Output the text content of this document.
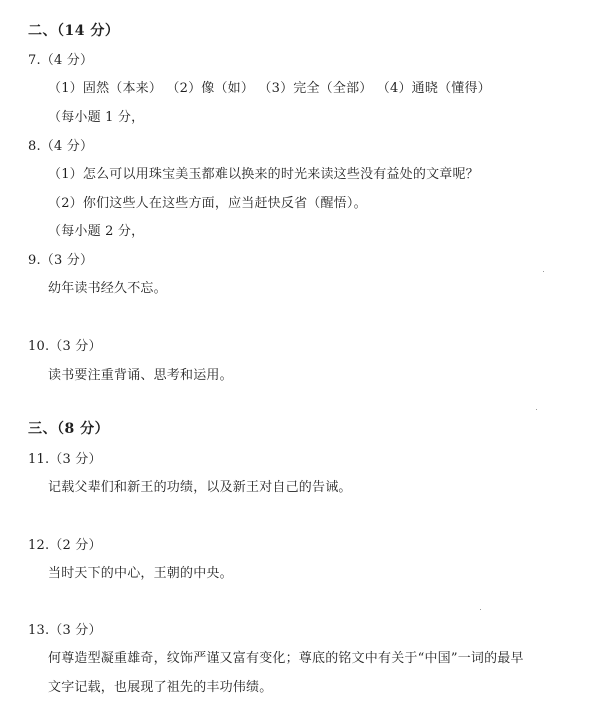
二、（14 分）
7.（4 分）
（1）固然（本来） （2）像（如） （3）完全（全部） （4）通晓（懂得）
（每小题 1 分，
8.（4 分）
（1）怎么可以用珠宝美玉都难以换来的时光来读这些没有益处的文章呢？
（2）你们这些人在这些方面，应当赶快反省（醒悟）。
（每小题 2 分，
9.（3 分）
幼年读书经久不忘。
10.（3 分）
读书要注重背诵、思考和运用。
三、（8 分）
11.（3 分）
记载父辈们和新王的功绩，以及新王对自己的告诫。
12.（2 分）
当时天下的中心，王朝的中央。
13.（3 分）
何尊造型凝重雄奇，纹饰严谨又富有变化；尊底的铭文中有关于“中国”一词的最早
文字记载，也展现了祖先的丰功伟绩。
